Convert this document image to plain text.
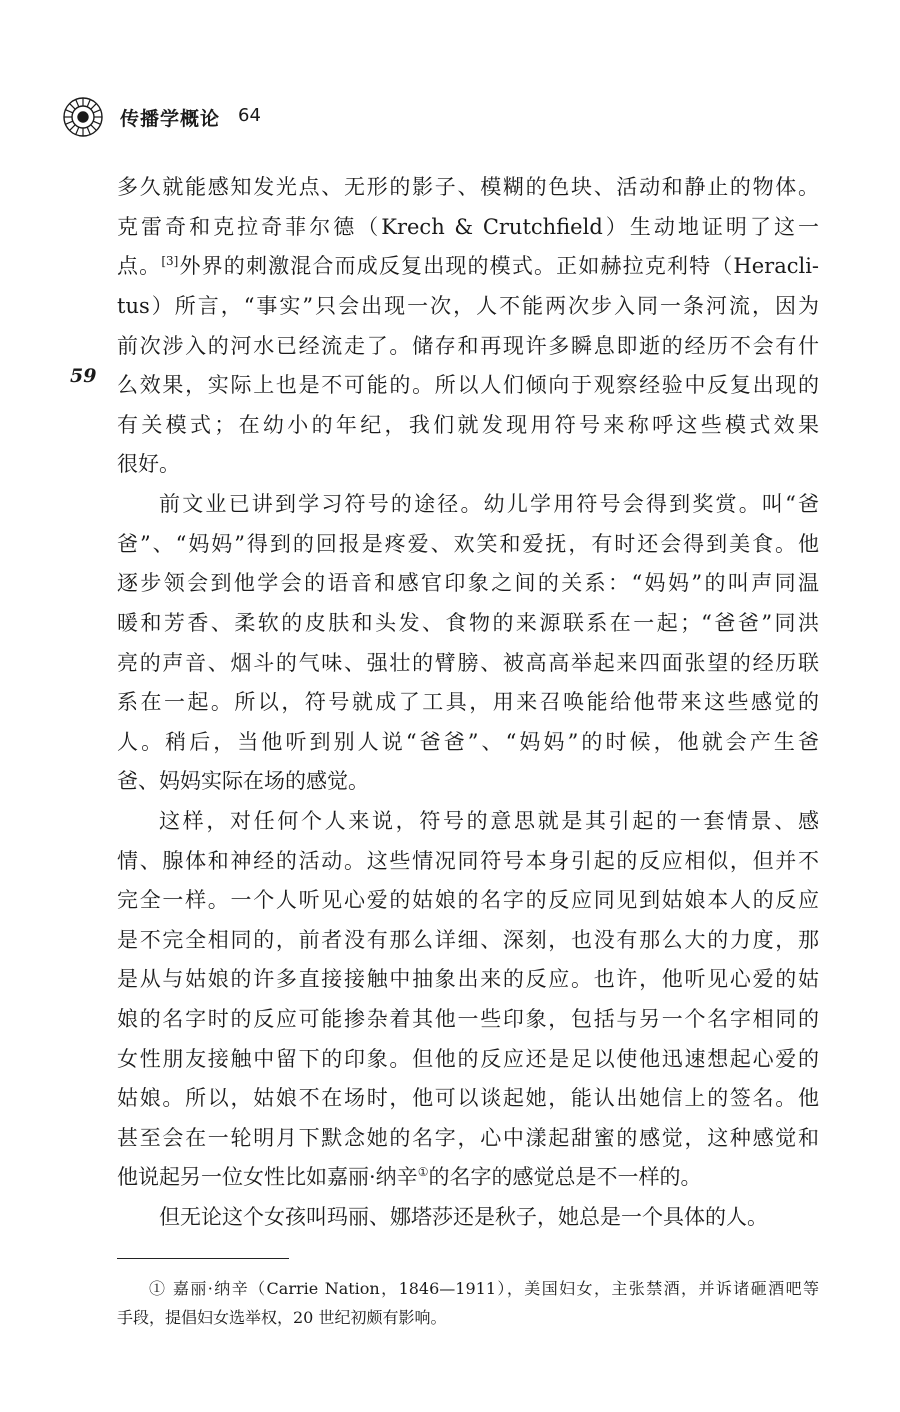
传播学概论 64
59
多久就能感知发光点、无形的影子、模糊的色块、活动和静止的物体。
克雷奇和克拉奇菲尔德（Krech & Crutchfield）生动地证明了这一
点。[3]外界的刺激混合而成反复出现的模式。正如赫拉克利特（Heracli-
tus）所言，“事实”只会出现一次，人不能两次步入同一条河流，因为
前次涉入的河水已经流走了。储存和再现许多瞬息即逝的经历不会有什
么效果，实际上也是不可能的。所以人们倾向于观察经验中反复出现的
有关模式；在幼小的年纪，我们就发现用符号来称呼这些模式效果
很好。
前文业已讲到学习符号的途径。幼儿学用符号会得到奖赏。叫“爸
爸”、“妈妈”得到的回报是疼爱、欢笑和爱抚，有时还会得到美食。他
逐步领会到他学会的语音和感官印象之间的关系：“妈妈”的叫声同温
暖和芳香、柔软的皮肤和头发、食物的来源联系在一起；“爸爸”同洪
亮的声音、烟斗的气味、强壮的臂膀、被高高举起来四面张望的经历联
系在一起。所以，符号就成了工具，用来召唤能给他带来这些感觉的
人。稍后，当他听到别人说“爸爸”、“妈妈”的时候，他就会产生爸
爸、妈妈实际在场的感觉。
这样，对任何个人来说，符号的意思就是其引起的一套情景、感
情、腺体和神经的活动。这些情况同符号本身引起的反应相似，但并不
完全一样。一个人听见心爱的姑娘的名字的反应同见到姑娘本人的反应
是不完全相同的，前者没有那么详细、深刻，也没有那么大的力度，那
是从与姑娘的许多直接接触中抽象出来的反应。也许，他听见心爱的姑
娘的名字时的反应可能掺杂着其他一些印象，包括与另一个名字相同的
女性朋友接触中留下的印象。但他的反应还是足以使他迅速想起心爱的
姑娘。所以，姑娘不在场时，他可以谈起她，能认出她信上的签名。他
甚至会在一轮明月下默念她的名字，心中漾起甜蜜的感觉，这种感觉和
他说起另一位女性比如嘉丽·纳辛①的名字的感觉总是不一样的。
但无论这个女孩叫玛丽、娜塔莎还是秋子，她总是一个具体的人。
① 嘉丽·纳辛（Carrie Nation，1846—1911），美国妇女，主张禁酒，并诉诸砸酒吧等
手段，提倡妇女选举权，20 世纪初颇有影响。
